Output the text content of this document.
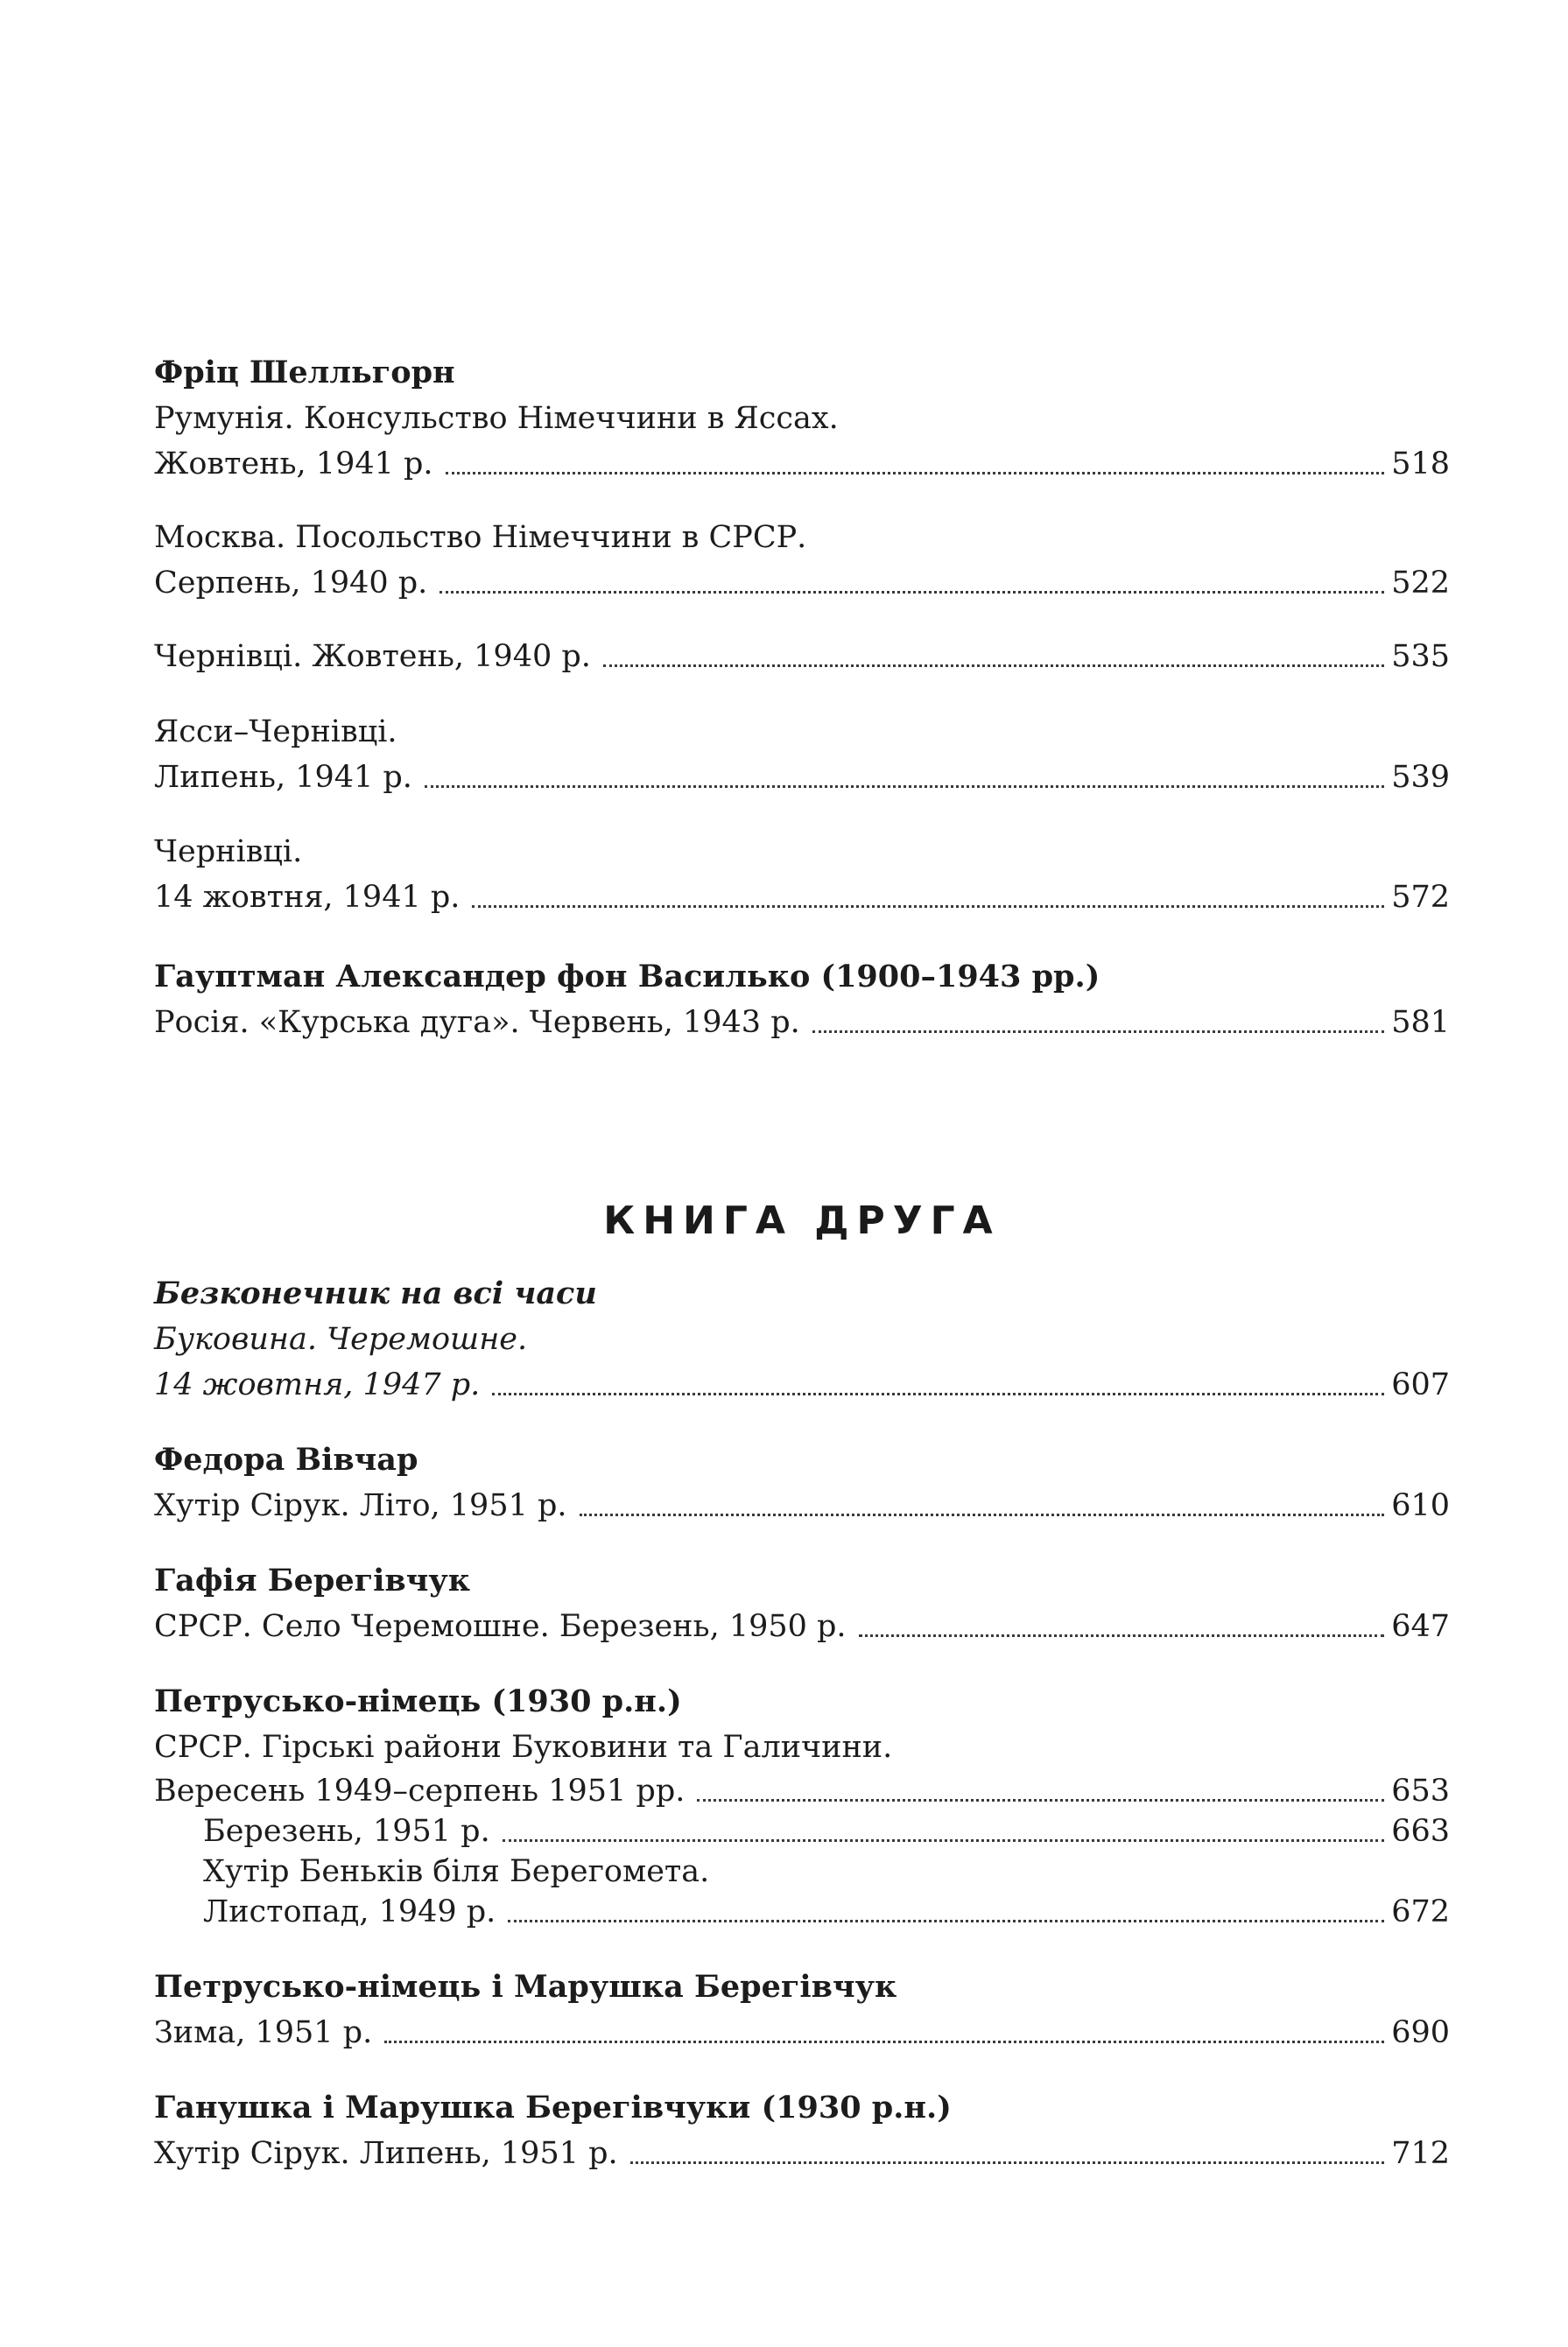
Фріц Шелльгорн
Румунія. Консульство Німеччини в Яссах.
Жовтень, 1941 р.	518
Москва. Посольство Німеччини в СРСР.
Серпень, 1940 р.	522
Чернівці. Жовтень, 1940 р.	535
Ясси–Чернівці.
Липень, 1941 р.	539
Чернівці.
14 жовтня, 1941 р.	572
Гауптман Александер фон Василько (1900–1943 рр.)
Росія. «Курська дуга». Червень, 1943 р.	581
КНИГА ДРУГА
Безконечник на всі часи
Буковина. Черемошне.
14 жовтня, 1947 р.	607
Федора Вівчар
Хутір Сірук. Літо, 1951 р.	610
Гафія Берегівчук
СРСР. Село Черемошне. Березень, 1950 р.	647
Петрусько-німець (1930 р.н.)
СРСР. Гірські райони Буковини та Галичини.
Вересень 1949–серпень 1951 рр.	653
Березень, 1951 р.	663
Хутір Беньків біля Берегомета.
Листопад, 1949 р.	672
Петрусько-німець і Марушка Берегівчук
Зима, 1951 р.	690
Ганушка і Марушка Берегівчуки (1930 р.н.)
Хутір Сірук. Липень, 1951 р.	712
